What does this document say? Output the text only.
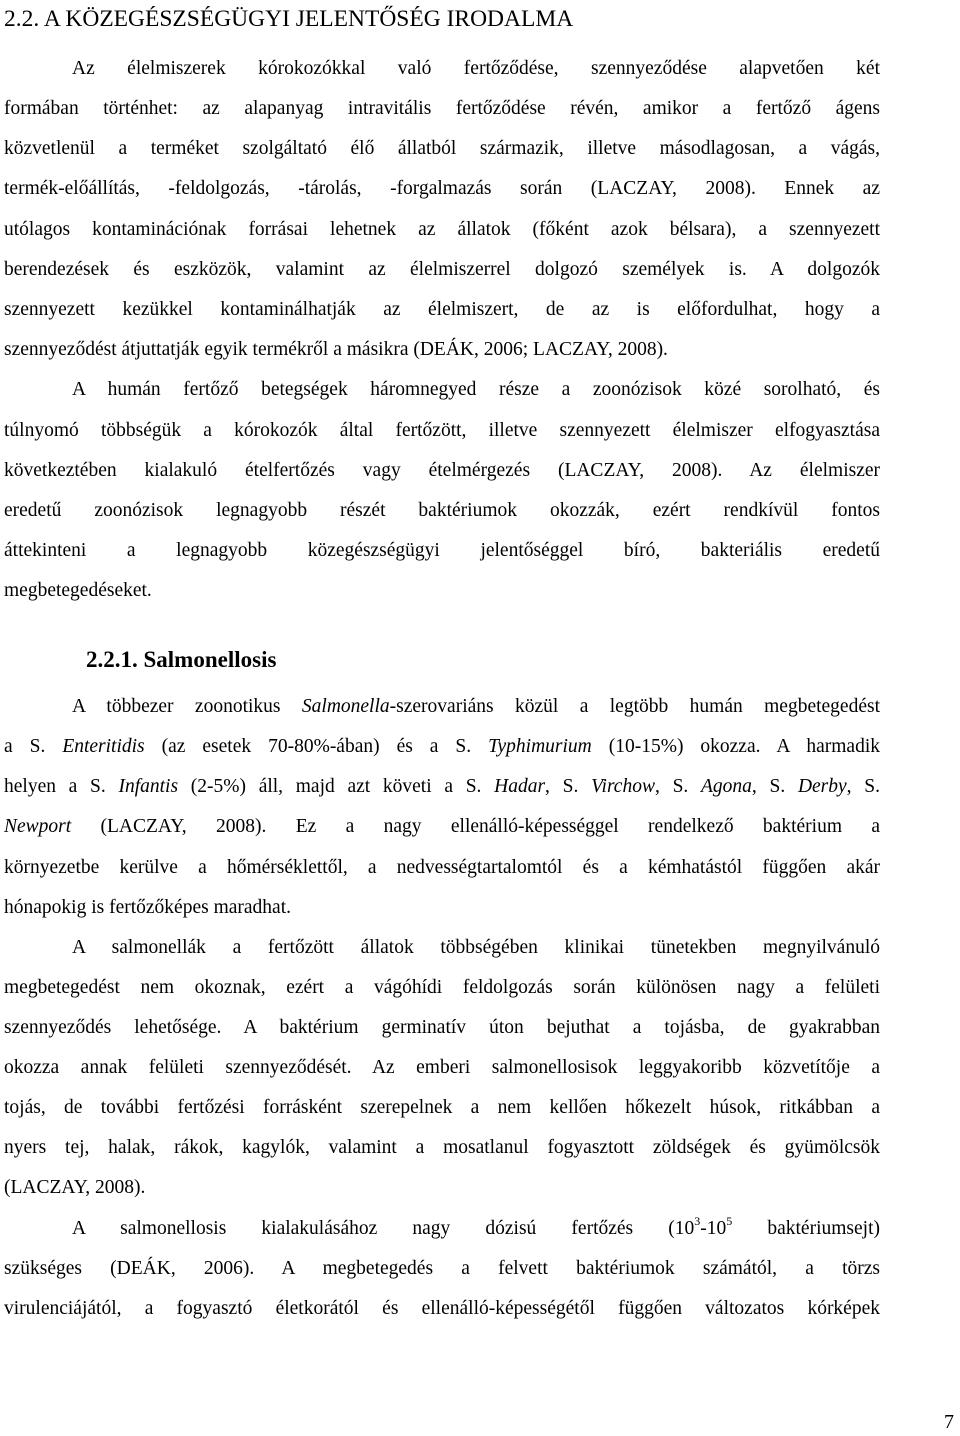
2.2. A KÖZEGÉSZSÉGÜGYI JELENTŐSÉG IRODALMA
Az élelmiszerek kórokozókkal való fertőződése, szennyeződése alapvetően két
formában történhet: az alapanyag intravitális fertőződése révén, amikor a fertőző ágens
közvetlenül a terméket szolgáltató élő állatból származik, illetve másodlagosan, a vágás,
termék-előállítás, -feldolgozás, -tárolás, -forgalmazás során (LACZAY, 2008). Ennek az
utólagos kontaminációnak forrásai lehetnek az állatok (főként azok bélsara), a szennyezett
berendezések és eszközök, valamint az élelmiszerrel dolgozó személyek is. A dolgozók
szennyezett kezükkel kontaminálhatják az élelmiszert, de az is előfordulhat, hogy a
szennyeződést átjuttatják egyik termékről a másikra (DEÁK, 2006; LACZAY, 2008).
A humán fertőző betegségek háromnegyed része a zoonózisok közé sorolható, és
túlnyomó többségük a kórokozók által fertőzött, illetve szennyezett élelmiszer elfogyasztása
következtében kialakuló ételfertőzés vagy ételmérgezés (LACZAY, 2008). Az élelmiszer
eredetű zoonózisok legnagyobb részét baktériumok okozzák, ezért rendkívül fontos
áttekinteni a legnagyobb közegészségügyi jelentőséggel bíró, bakteriális eredetű
megbetegedéseket.
2.2.1. Salmonellosis
A többezer zoonotikus Salmonella-szerovariáns közül a legtöbb humán megbetegedést
a S. Enteritidis (az esetek 70-80%-ában) és a S. Typhimurium (10-15%) okozza. A harmadik
helyen a S. Infantis (2-5%) áll, majd azt követi a S. Hadar, S. Virchow, S. Agona, S. Derby, S.
Newport (LACZAY, 2008). Ez a nagy ellenálló-képességgel rendelkező baktérium a
környezetbe kerülve a hőmérséklettől, a nedvességtartalomtól és a kémhatástól függően akár
hónapokig is fertőzőképes maradhat.
A salmonellák a fertőzött állatok többségében klinikai tünetekben megnyilvánuló
megbetegedést nem okoznak, ezért a vágóhídi feldolgozás során különösen nagy a felületi
szennyeződés lehetősége. A baktérium germinatív úton bejuthat a tojásba, de gyakrabban
okozza annak felületi szennyeződését. Az emberi salmonellosisok leggyakoribb közvetítője a
tojás, de további fertőzési forrásként szerepelnek a nem kellően hőkezelt húsok, ritkábban a
nyers tej, halak, rákok, kagylók, valamint a mosatlanul fogyasztott zöldségek és gyümölcsök
(LACZAY, 2008).
A salmonellosis kialakulásához nagy dózisú fertőzés ($10^3-10^5$ baktériumsejt)
szükséges (DEÁK, 2006). A megbetegedés a felvett baktériumok számától, a törzs
virulenciájától, a fogyasztó életkorától és ellenálló-képességétől függően változatos kórképek
7
